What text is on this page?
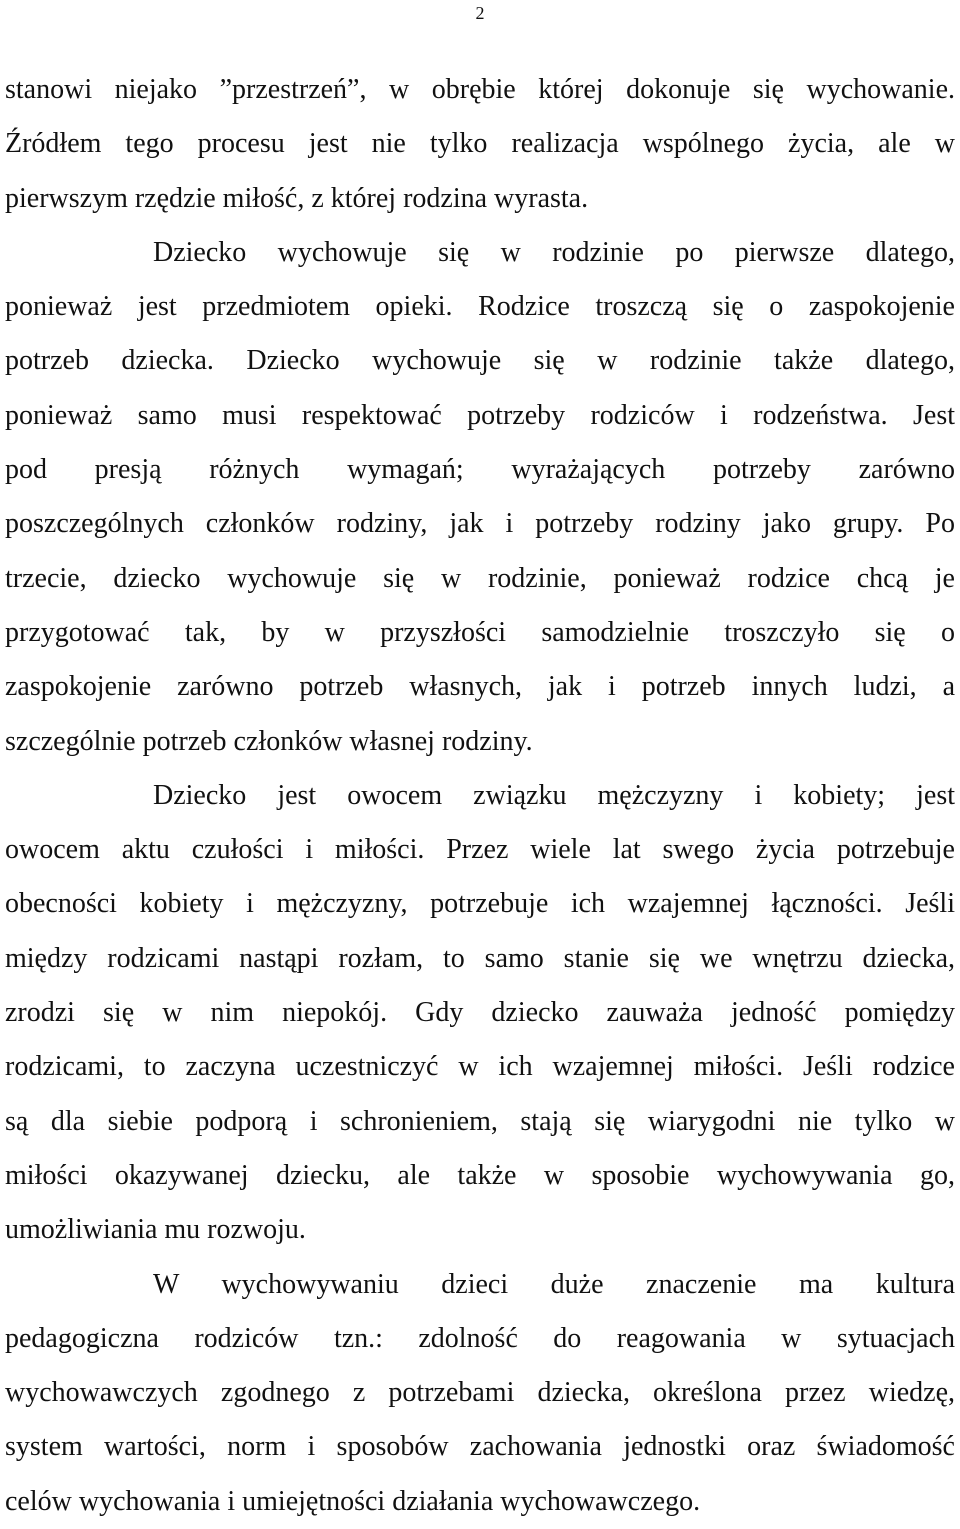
2
stanowi niejako ”przestrzeń”, w obrębie której dokonuje się wychowanie.
Źródłem tego procesu jest nie tylko realizacja wspólnego życia, ale w
pierwszym rzędzie miłość, z której rodzina wyrasta.
Dziecko wychowuje się w rodzinie po pierwsze dlatego,
ponieważ jest przedmiotem opieki. Rodzice troszczą się o zaspokojenie
potrzeb dziecka. Dziecko wychowuje się w rodzinie także dlatego,
ponieważ samo musi respektować potrzeby rodziców i rodzeństwa. Jest
pod presją różnych wymagań; wyrażających potrzeby zarówno
poszczególnych członków rodziny, jak i potrzeby rodziny jako grupy. Po
trzecie, dziecko wychowuje się w rodzinie, ponieważ rodzice chcą je
przygotować tak, by w przyszłości samodzielnie troszczyło się o
zaspokojenie zarówno potrzeb własnych, jak i potrzeb innych ludzi, a
szczególnie potrzeb członków własnej rodziny.
Dziecko jest owocem związku mężczyzny i kobiety; jest
owocem aktu czułości i miłości. Przez wiele lat swego życia potrzebuje
obecności kobiety i mężczyzny, potrzebuje ich wzajemnej łączności. Jeśli
między rodzicami nastąpi rozłam, to samo stanie się we wnętrzu dziecka,
zrodzi się w nim niepokój. Gdy dziecko zauważa jedność pomiędzy
rodzicami, to zaczyna uczestniczyć w ich wzajemnej miłości. Jeśli rodzice
są dla siebie podporą i schronieniem, stają się wiarygodni nie tylko w
miłości okazywanej dziecku, ale także w sposobie wychowywania go,
umożliwiania mu rozwoju.
W wychowywaniu dzieci duże znaczenie ma kultura
pedagogiczna rodziców tzn.: zdolność do reagowania w sytuacjach
wychowawczych zgodnego z potrzebami dziecka, określona przez wiedzę,
system wartości, norm i sposobów zachowania jednostki oraz świadomość
celów wychowania i umiejętności działania wychowawczego.
